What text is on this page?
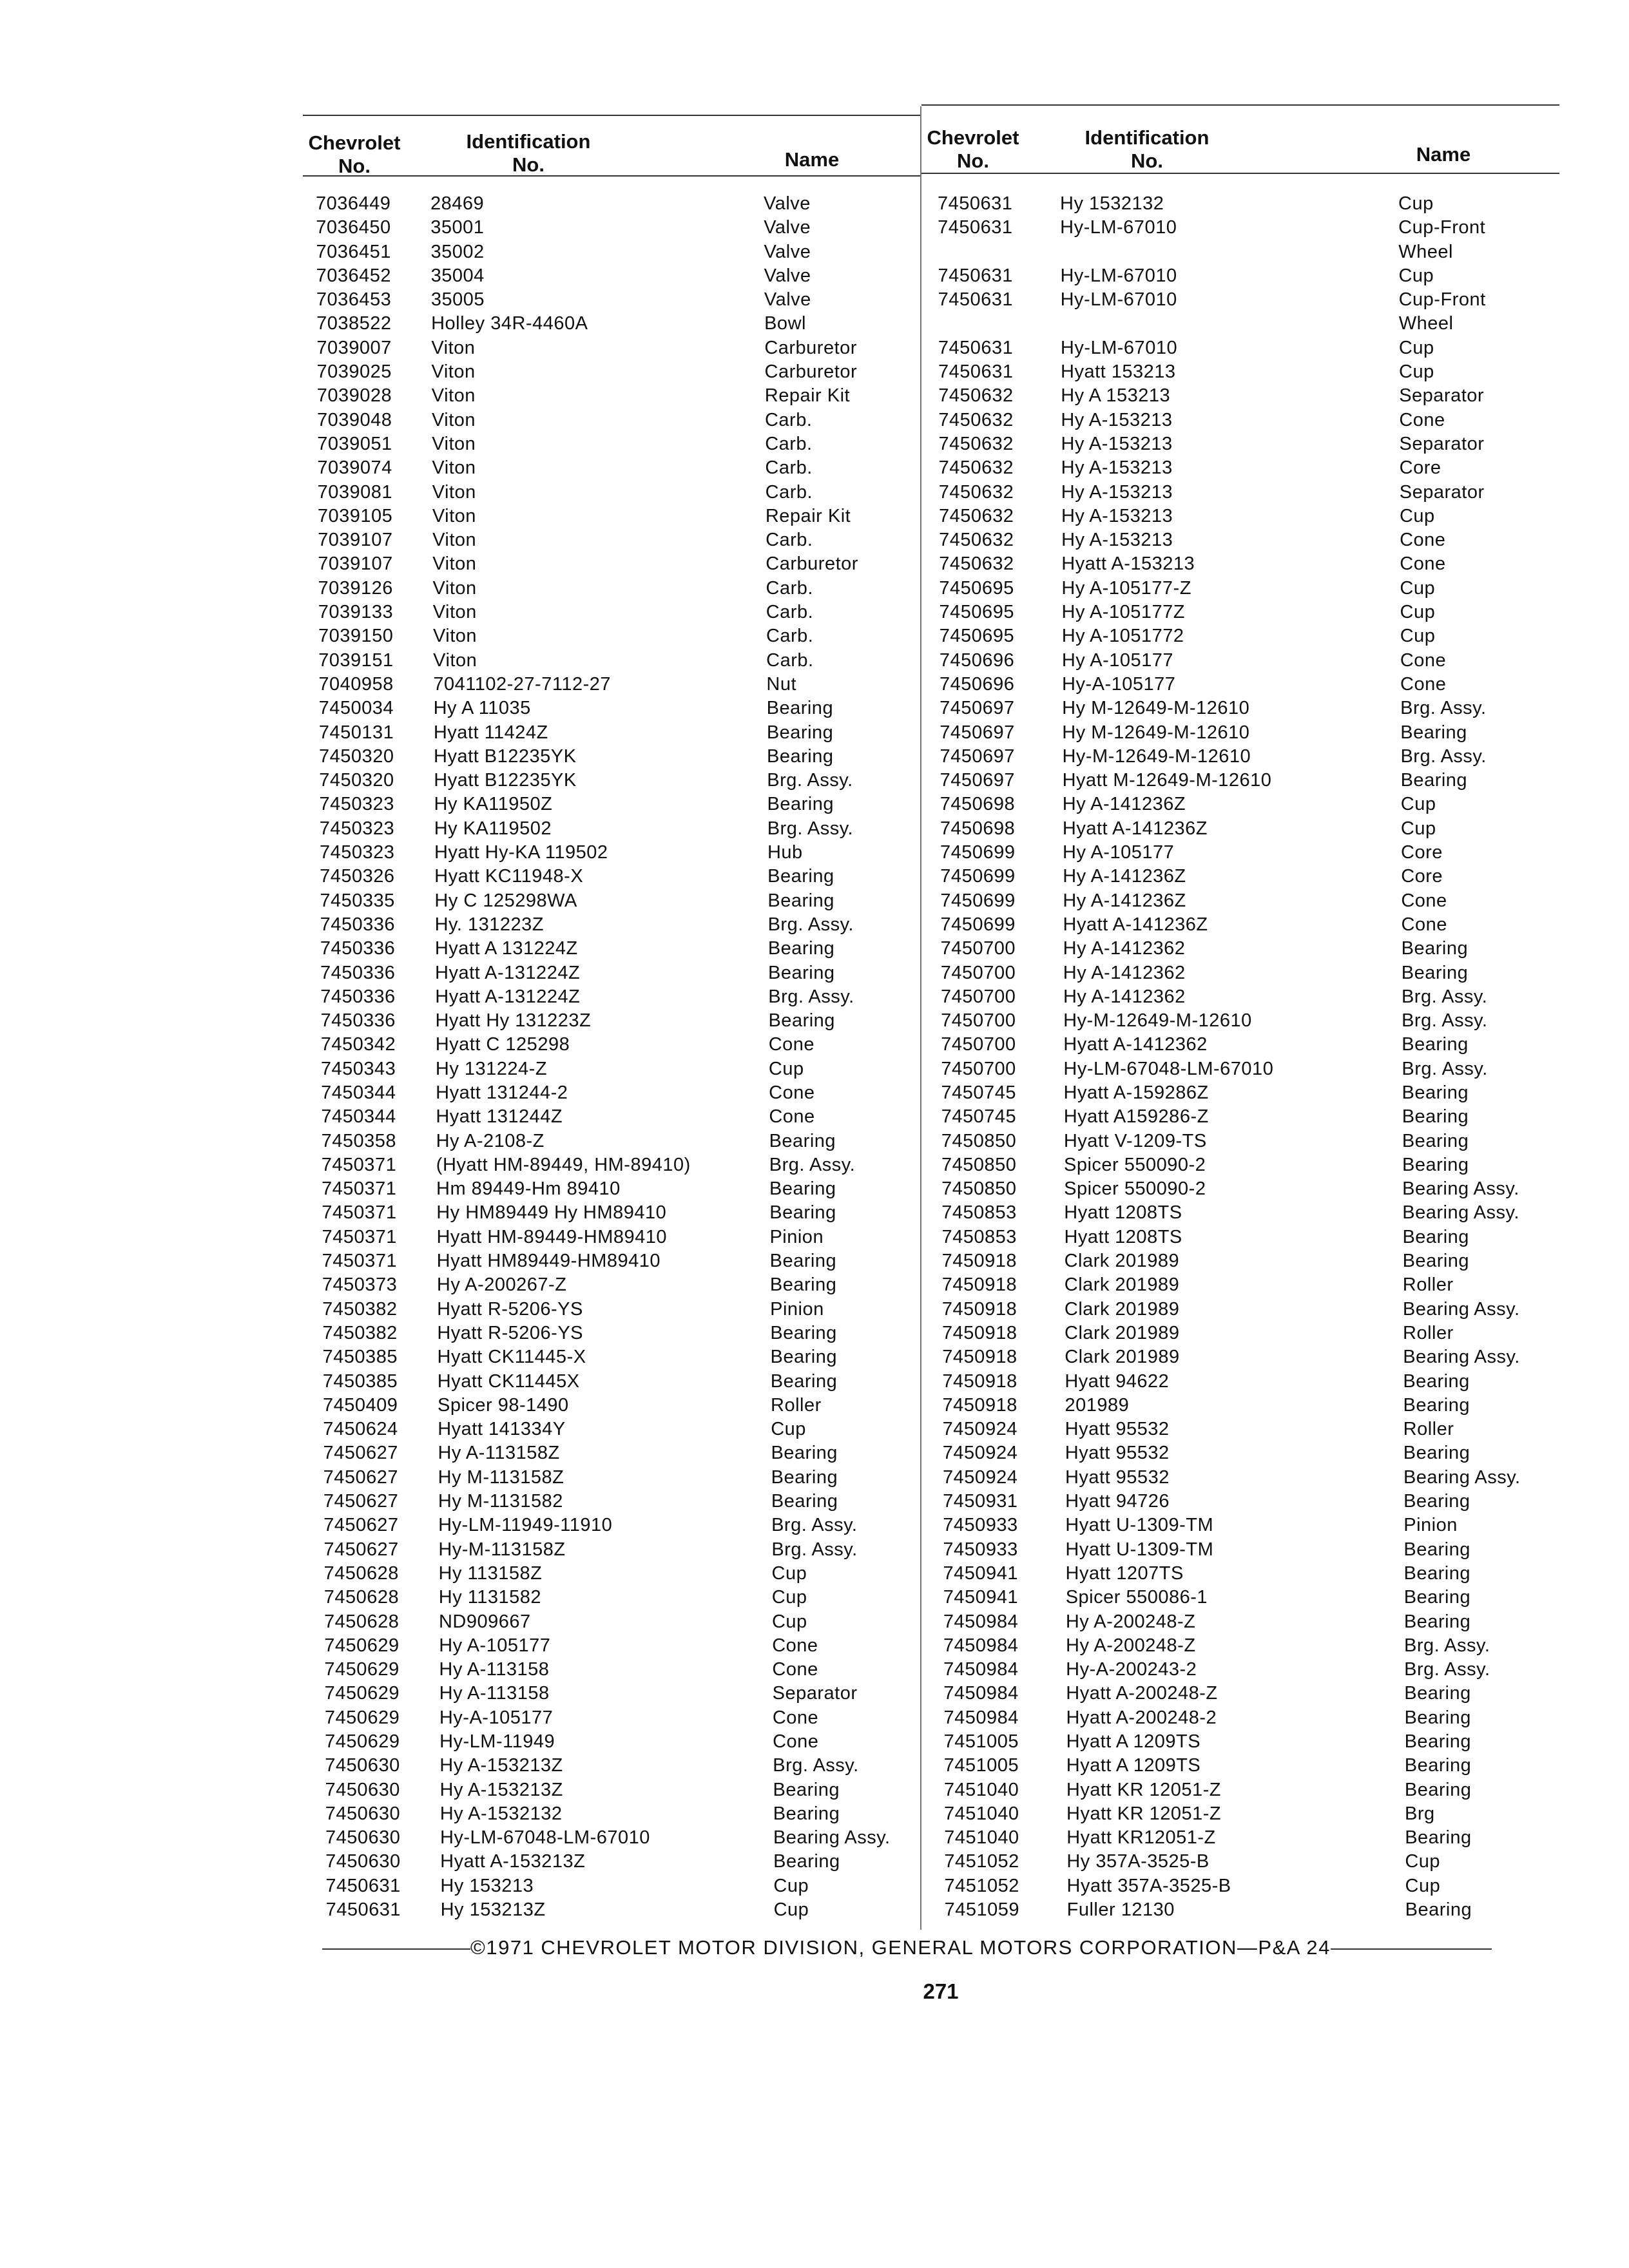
Chevrolet
No.
Identification
No.	Name
Chevrolet
No.
Identification
No.	Name
7036449 28469	Valve
7036450 35001	Valve
7036451 35002	Valve
7036452 35004	Valve
7036453 35005	Valve
7038522 Holley 34R-4460A	Bowl
7039007 Viton	Carburetor
7039025 Viton	Carburetor
7039028 Viton	Repair Kit
7039048 Viton	Carb.
7039051 Viton	Carb.
7039074 Viton	Carb.
7039081 Viton	Carb.
7039105 Viton	Repair Kit
7039107 Viton	Carb.
7039107 Viton	Carburetor
7039126 Viton	Carb.
7039133 Viton	Carb.
7039150 Viton	Carb.
7039151 Viton	Carb.
7040958 7041102-27-7112-27	Nut
7450034 Hy A 11035	Bearing
7450131 Hyatt 11424Z	Bearing
7450320 Hyatt B12235YK	Bearing
7450320 Hyatt B12235YK	Brg. Assy.
7450323 Hy KA11950Z	Bearing
7450323 Hy KA119502	Brg. Assy.
7450323 Hyatt Hy-KA 119502	Hub
7450326 Hyatt KC11948-X	Bearing
7450335 Hy C 125298WA	Bearing
7450336 Hy. 131223Z	Brg. Assy.
7450336 Hyatt A 131224Z	Bearing
7450336 Hyatt A-131224Z	Bearing
7450336 Hyatt A-131224Z	Brg. Assy.
7450336 Hyatt Hy 131223Z	Bearing
7450342 Hyatt C 125298	Cone
7450343 Hy 131224-Z	Cup
7450344 Hyatt 131244-2	Cone
7450344 Hyatt 131244Z	Cone
7450358 Hy A-2108-Z	Bearing
7450371 (Hyatt HM-89449, HM-89410)	Brg. Assy.
7450371 Hm 89449-Hm 89410	Bearing
7450371 Hy HM89449 Hy HM89410	Bearing
7450371 Hyatt HM-89449-HM89410	Pinion
7450371 Hyatt HM89449-HM89410	Bearing
7450373 Hy A-200267-Z	Bearing
7450382 Hyatt R-5206-YS	Pinion
7450382 Hyatt R-5206-YS	Bearing
7450385 Hyatt CK11445-X	Bearing
7450385 Hyatt CK11445X	Bearing
7450409 Spicer 98-1490	Roller
7450624 Hyatt 141334Y	Cup
7450627 Hy A-113158Z	Bearing
7450627 Hy M-113158Z	Bearing
7450627 Hy M-1131582	Bearing
7450627 Hy-LM-11949-11910	Brg. Assy.
7450627 Hy-M-113158Z	Brg. Assy.
7450628 Hy 113158Z	Cup
7450628 Hy 1131582	Cup
7450628 ND909667	Cup
7450629 Hy A-105177	Cone
7450629 Hy A-113158	Cone
7450629 Hy A-113158	Separator
7450629 Hy-A-105177	Cone
7450629 Hy-LM-11949	Cone
7450630 Hy A-153213Z	Brg. Assy.
7450630 Hy A-153213Z	Bearing
7450630 Hy A-1532132	Bearing
7450630 Hy-LM-67048-LM-67010	Bearing Assy.
7450630 Hyatt A-153213Z	Bearing
7450631 Hy 153213	Cup
7450631 Hy 153213Z	Cup
7450631	Hy 1532132	Cup
7450631	Hy-LM-67010	Cup-Front
Wheel
7450631	Hy-LM-67010	Cup
7450631	Hy-LM-67010	Cup-Front
Wheel
7450631	Hy-LM-67010	Cup
7450631	Hyatt 153213	Cup
7450632	Hy A 153213	Separator
7450632	Hy A-153213	Cone
7450632	Hy A-153213	Separator
7450632	Hy A-153213	Core
7450632	Hy A-153213	Separator
7450632	Hy A-153213	Cup
7450632	Hy A-153213	Cone
7450632	Hyatt A-153213	Cone
7450695	Hy A-105177-Z	Cup
7450695	Hy A-105177Z	Cup
7450695	Hy A-1051772	Cup
7450696	Hy A-105177	Cone
7450696	Hy-A-105177	Cone
7450697	Hy M-12649-M-12610	Brg. Assy.
7450697	Hy M-12649-M-12610	Bearing
7450697	Hy-M-12649-M-12610	Brg. Assy.
7450697	Hyatt M-12649-M-12610	Bearing
7450698	Hy A-141236Z	Cup
7450698	Hyatt A-141236Z	Cup
7450699	Hy A-105177	Core
7450699	Hy A-141236Z	Core
7450699	Hy A-141236Z	Cone
7450699	Hyatt A-141236Z	Cone
7450700	Hy A-1412362	Bearing
7450700	Hy A-1412362	Bearing
7450700	Hy A-1412362	Brg. Assy.
7450700	Hy-M-12649-M-12610	Brg. Assy.
7450700	Hyatt A-1412362	Bearing
7450700	Hy-LM-67048-LM-67010	Brg. Assy.
7450745	Hyatt A-159286Z	Bearing
7450745	Hyatt A159286-Z	Bearing
7450850	Hyatt V-1209-TS	Bearing
7450850	Spicer 550090-2	Bearing
7450850	Spicer 550090-2	Bearing Assy.
7450853	Hyatt 1208TS	Bearing Assy.
7450853	Hyatt 1208TS	Bearing
7450918	Clark 201989	Bearing
7450918	Clark 201989	Roller
7450918	Clark 201989	Bearing Assy.
7450918	Clark 201989	Roller
7450918	Clark 201989	Bearing Assy.
7450918	Hyatt 94622	Bearing
7450918	201989	Bearing
7450924	Hyatt 95532	Roller
7450924	Hyatt 95532	Bearing
7450924	Hyatt 95532	Bearing Assy.
7450931	Hyatt 94726	Bearing
7450933	Hyatt U-1309-TM	Pinion
7450933	Hyatt U-1309-TM	Bearing
7450941	Hyatt 1207TS	Bearing
7450941	Spicer 550086-1	Bearing
7450984	Hy A-200248-Z	Bearing
7450984	Hy A-200248-Z	Brg. Assy.
7450984	Hy-A-200243-2	Brg. Assy.
7450984	Hyatt A-200248-Z	Bearing
7450984	Hyatt A-200248-2	Bearing
7451005	Hyatt A 1209TS	Bearing
7451005	Hyatt A 1209TS	Bearing
7451040	Hyatt KR 12051-Z	Bearing
7451040	Hyatt KR 12051-Z	Brg
7451040	Hyatt KR12051-Z	Bearing
7451052	Hy 357A-3525-B	Cup
7451052	Hyatt 357A-3525-B	Cup
7451059	Fuller 12130	Bearing
©1971 CHEVROLET MOTOR DIVISION, GENERAL MOTORS CORPORATION—P&A 24
271
